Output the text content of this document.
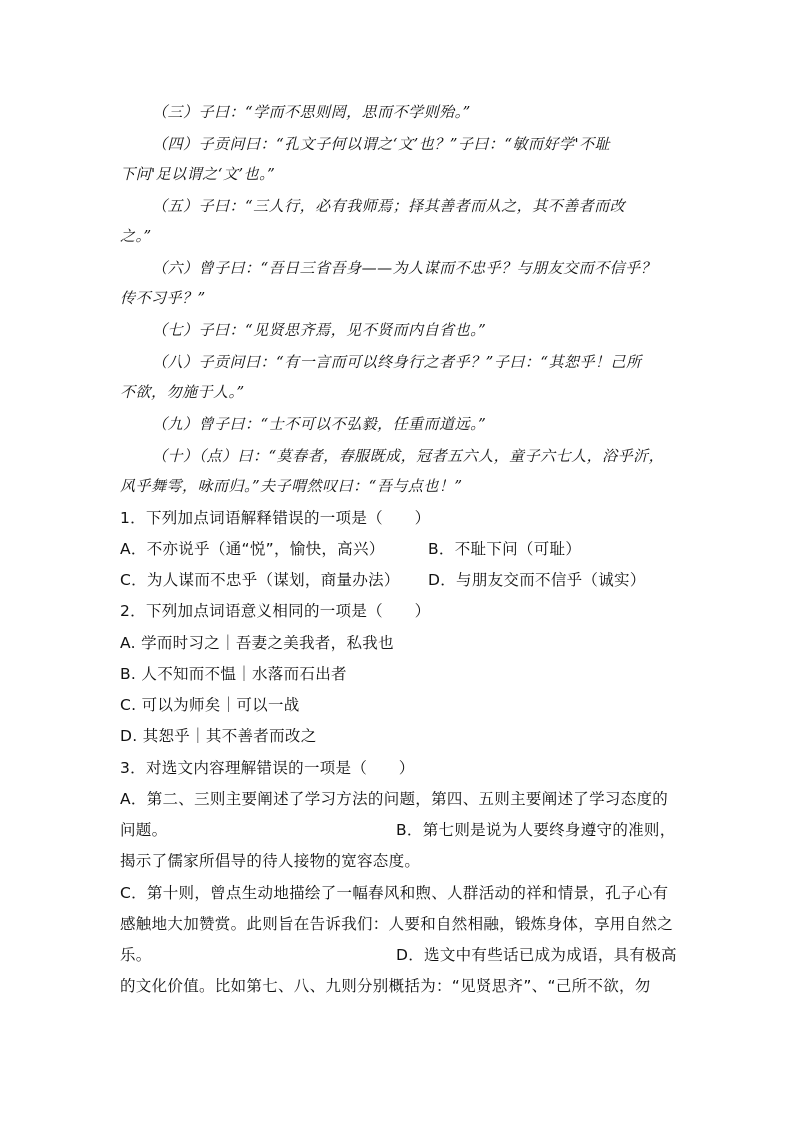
（三）子曰：“学而不思则罔，思而不学则殆。”
（四）子贡问曰：“孔文子何以谓之‘文’也？”子曰：“敏而好学'不耻
下问'足以谓之‘文’也。”
（五）子曰：“三人行，必有我师焉；择其善者而从之，其不善者而改
之。”
（六）曾子曰：“吾日三省吾身——为人谋而不忠乎？与朋友交而不信乎？
传不习乎？”
（七）子曰：“见贤思齐焉，见不贤而内自省也。”
（八）子贡问曰：“有一言而可以终身行之者乎？”子曰：“其恕乎！己所
不欲，勿施于人。”
（九）曾子曰：“士不可以不弘毅，任重而道远。”
（十）（点）曰：“莫春者，春服既成，冠者五六人，童子六七人，浴乎沂，
风乎舞雩，咏而归。”夫子喟然叹曰：“吾与点也！”
1．下列加点词语解释错误的一项是（　　）
A．不亦说乎（通“悦”，愉快，高兴）	B．不耻下问（可耻）
C．为人谋而不忠乎（谋划，商量办法） D．与朋友交而不信乎（诚实）
2．下列加点词语意义相同的一项是（　　）
A. 学而时习之｜吾妻之美我者，私我也
B. 人不知而不愠｜水落而石出者
C. 可以为师矣｜可以一战
D. 其恕乎｜其不善者而改之
3．对选文内容理解错误的一项是（　　）
A．第二、三则主要阐述了学习方法的问题，第四、五则主要阐述了学习态度的
问题。	B．第七则是说为人要终身遵守的准则，
揭示了儒家所倡导的待人接物的宽容态度。
C．第十则，曾点生动地描绘了一幅春风和煦、人群活动的祥和情景，孔子心有
感触地大加赞赏。此则旨在告诉我们：人要和自然相融，锻炼身体，享用自然之
乐。	D．选文中有些话已成为成语，具有极高
的文化价值。比如第七、八、九则分别概括为：“见贤思齐”、“己所不欲，勿
